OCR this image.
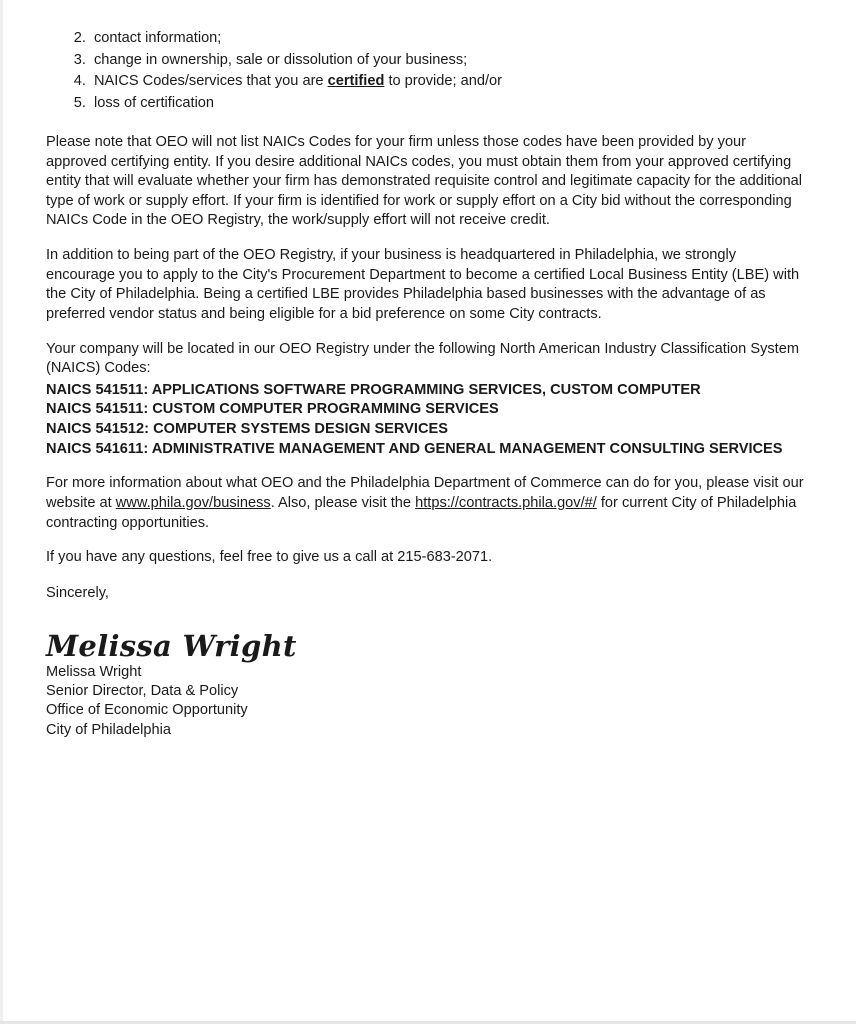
2. contact information;
3. change in ownership, sale or dissolution of your business;
4. NAICS Codes/services that you are certified to provide; and/or
5. loss of certification

Please note that OEO will not list NAICs Codes for your firm unless those codes have been provided by your approved certifying entity. If you desire additional NAICs codes, you must obtain them from your approved certifying entity that will evaluate whether your firm has demonstrated requisite control and legitimate capacity for the additional type of work or supply effort. If your firm is identified for work or supply effort on a City bid without the corresponding NAICs Code in the OEO Registry, the work/supply effort will not receive credit.

In addition to being part of the OEO Registry, if your business is headquartered in Philadelphia, we strongly encourage you to apply to the City's Procurement Department to become a certified Local Business Entity (LBE) with the City of Philadelphia. Being a certified LBE provides Philadelphia based businesses with the advantage of as preferred vendor status and being eligible for a bid preference on some City contracts.

Your company will be located in our OEO Registry under the following North American Industry Classification System (NAICS) Codes:

NAICS 541511: APPLICATIONS SOFTWARE PROGRAMMING SERVICES, CUSTOM COMPUTER
NAICS 541511: CUSTOM COMPUTER PROGRAMMING SERVICES
NAICS 541512: COMPUTER SYSTEMS DESIGN SERVICES
NAICS 541611: ADMINISTRATIVE MANAGEMENT AND GENERAL MANAGEMENT CONSULTING SERVICES

For more information about what OEO and the Philadelphia Department of Commerce can do for you, please visit our website at www.phila.gov/business. Also, please visit the https://contracts.phila.gov/#/ for current City of Philadelphia contracting opportunities.

If you have any questions, feel free to give us a call at 215-683-2071.

Sincerely,

Melissa Wright
Melissa Wright
Senior Director, Data & Policy
Office of Economic Opportunity
City of Philadelphia
